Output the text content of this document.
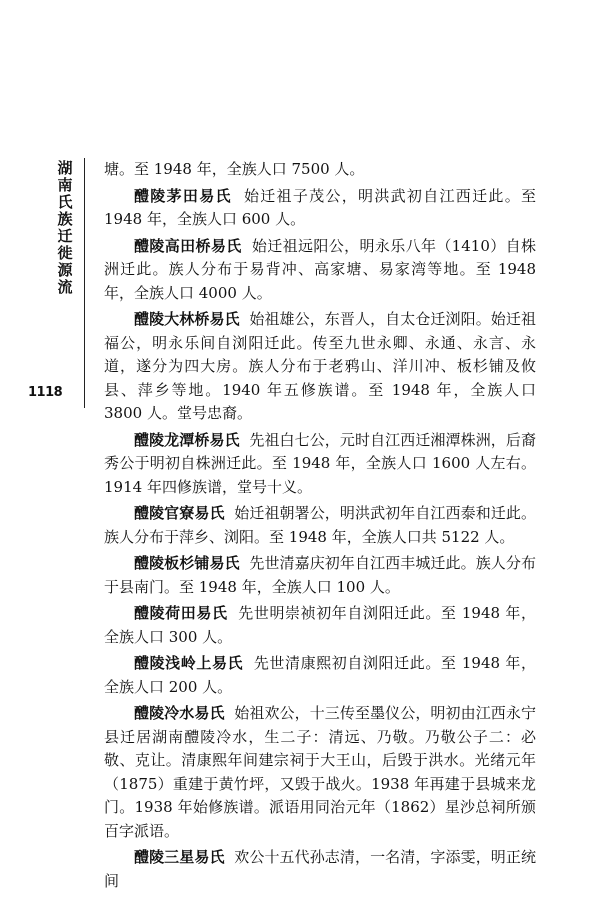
湖南氏族迁徙源流
1118

塘。至 1948 年，全族人口 7500 人。

醴陵茅田易氏 始迁祖子茂公，明洪武初自江西迁此。至 1948 年，全族人口 600 人。

醴陵高田桥易氏 始迁祖远阳公，明永乐八年（1410）自株洲迁此。族人分布于易背冲、高家塘、易家湾等地。至 1948 年，全族人口 4000 人。

醴陵大林桥易氏 始祖雄公，东晋人，自太仓迁浏阳。始迁祖福公，明永乐间自浏阳迁此。传至九世永卿、永通、永言、永道，遂分为四大房。族人分布于老鸦山、洋川冲、板杉铺及攸县、萍乡等地。1940 年五修族谱。至 1948 年，全族人口 3800 人。堂号忠裔。

醴陵龙潭桥易氏 先祖白七公，元时自江西迁湘潭株洲，后裔秀公于明初自株洲迁此。至 1948 年，全族人口 1600 人左右。1914 年四修族谱，堂号十义。

醴陵官寮易氏 始迁祖朝署公，明洪武初年自江西泰和迁此。族人分布于萍乡、浏阳。至 1948 年，全族人口共 5122 人。

醴陵板杉铺易氏 先世清嘉庆初年自江西丰城迁此。族人分布于县南门。至 1948 年，全族人口 100 人。

醴陵荷田易氏 先世明崇祯初年自浏阳迁此。至 1948 年，全族人口 300 人。

醴陵浅岭上易氏 先世清康熙初自浏阳迁此。至 1948 年，全族人口 200 人。

醴陵冷水易氏 始祖欢公，十三传至墨仪公，明初由江西永宁县迁居湖南醴陵冷水，生二子：清远、乃敬。乃敬公子二：必敬、克让。清康熙年间建宗祠于大王山，后毁于洪水。光绪元年（1875）重建于黄竹坪，又毁于战火。1938 年再建于县城来龙门。1938 年始修族谱。派语用同治元年（1862）星沙总祠所颁百字派语。

醴陵三星易氏 欢公十五代孙志清，一名清，字添雯，明正统间
